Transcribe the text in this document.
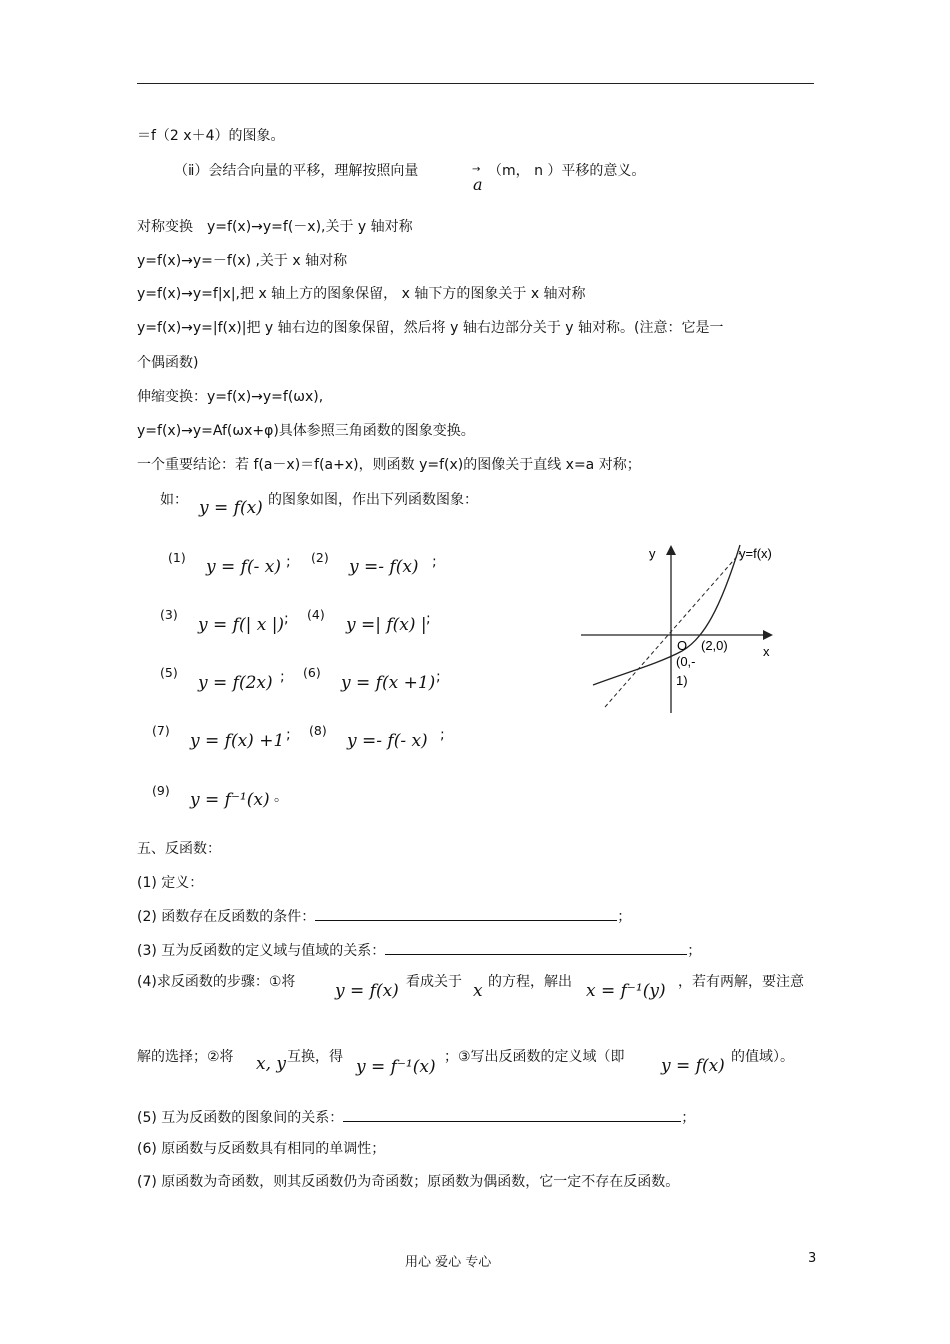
＝f（2 x＋4）的图象。
（ⅱ）会结合向量的平移，理解按照向量	→
a
（m， n ）平移的意义。
对称变换　y=f(x)→y=f(－x),关于 y 轴对称
y=f(x)→y=－f(x) ,关于 x 轴对称
y=f(x)→y=f|x|,把 x 轴上方的图象保留， x 轴下方的图象关于 x 轴对称
y=f(x)→y=|f(x)|把 y 轴右边的图象保留，然后将 y 轴右边部分关于 y 轴对称。(注意：它是一
个偶函数)
伸缩变换：y=f(x)→y=f(ωx),
y=f(x)→y=Af(ωx+φ)具体参照三角函数的图象变换。
一个重要结论：若 f(a－x)＝f(a+x)，则函数 y=f(x)的图像关于直线 x=a 对称；
如： y = f(x) 的图象如图，作出下列函数图象：
(1) y = f(- x) ; (2) y =- f(x) ;
(3)
y = f(| x |) ; (4)
y =| f(x) | ;
(5)
y = f(2x) ; (6)
y = f(x +1) ;
(7)
y = f(x) +1 ; (8)
y =- f(- x) ;
(9) y = f⁻¹(x) 。
y
x
y=f(x)
O (2,0)
(0,-
1)
五、反函数：
(1) 定义：
(2) 函数存在反函数的条件：	；
(3) 互为反函数的定义域与值域的关系：	；
(4)求反函数的步骤：①将 y = f(x) 看成关于 x 的方程，解出 x = f⁻¹(y) ，若有两解，要注意
解的选择；②将 x, y 互换，得 y = f⁻¹(x) ；③写出反函数的定义域（即 y = f(x) 的值域）。
(5) 互为反函数的图象间的关系：	；
(6) 原函数与反函数具有相同的单调性；
(7) 原函数为奇函数，则其反函数仍为奇函数；原函数为偶函数，它一定不存在反函数。
用心 爱心 专心	3
